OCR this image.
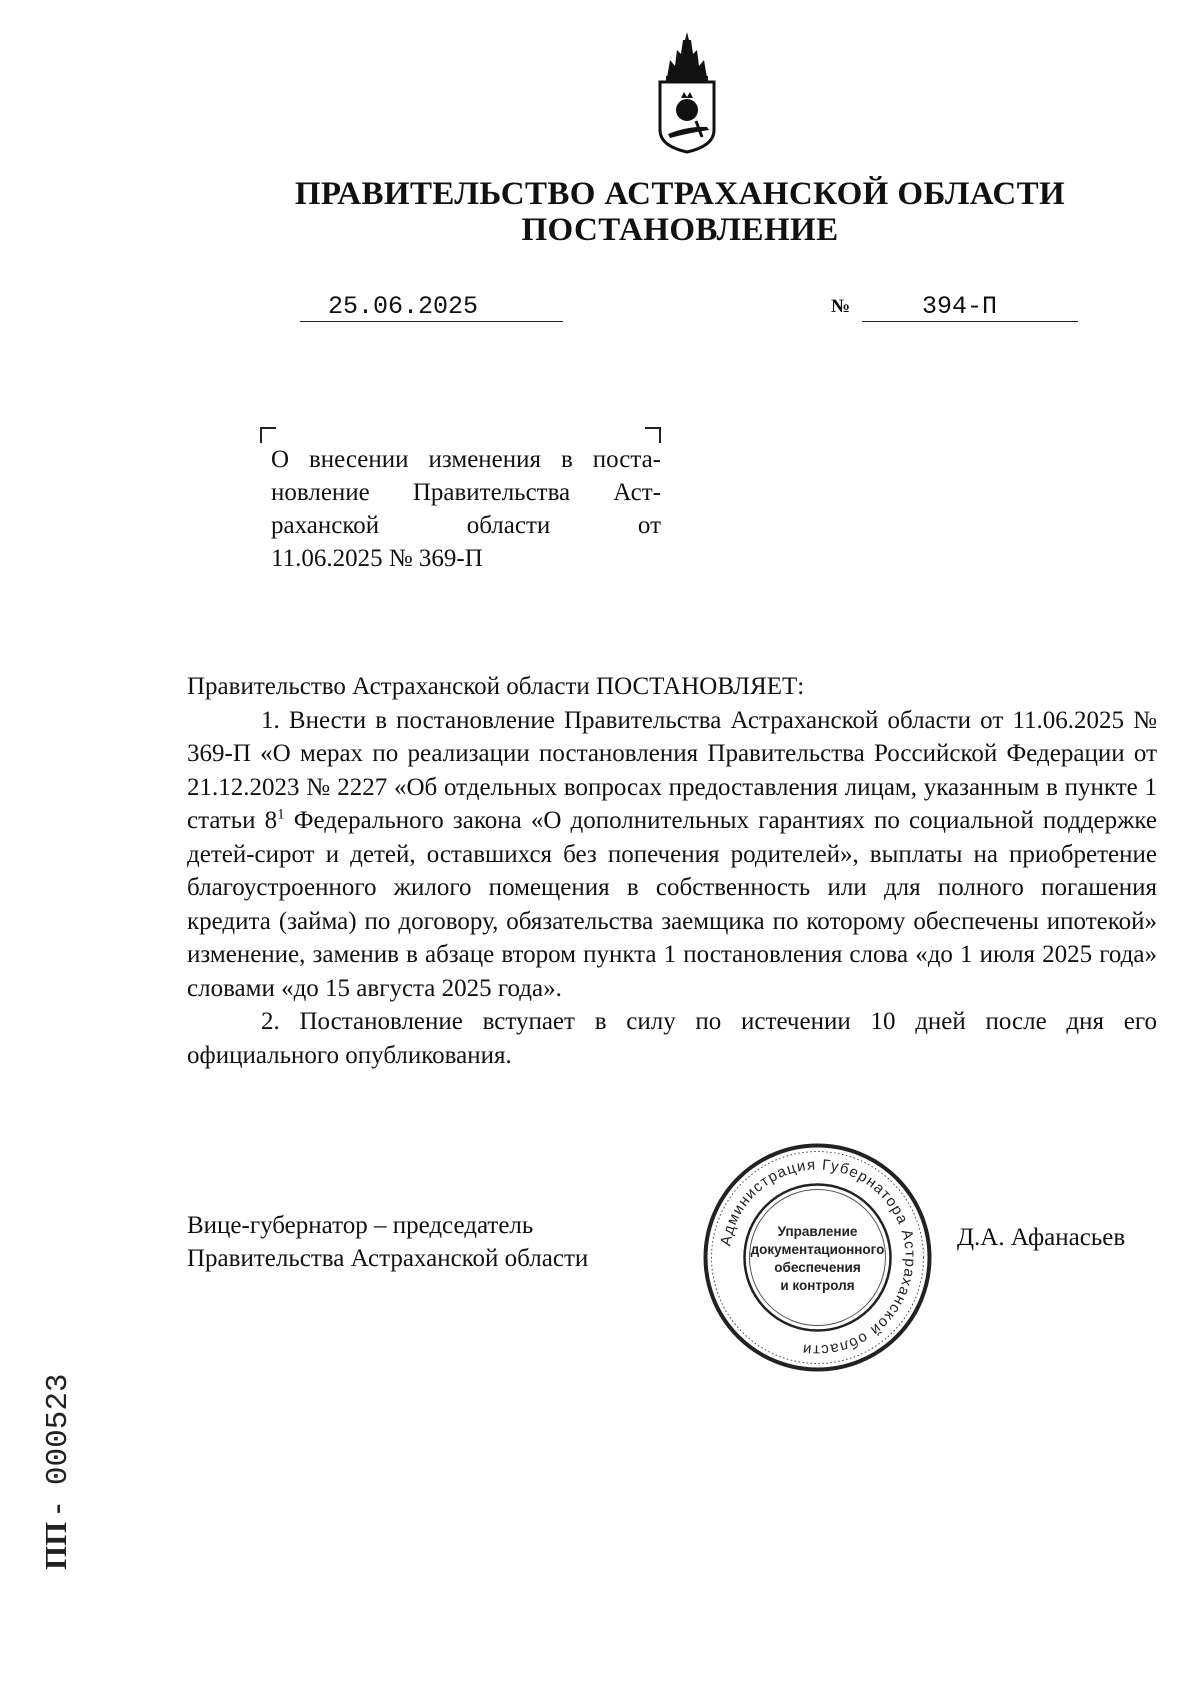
ПРАВИТЕЛЬСТВО АСТРАХАНСКОЙ ОБЛАСТИ
ПОСТАНОВЛЕНИЕ
25.06.2025	№	394-П
О внесении изменения в поста-
новление Правительства Аст-
раханской области от
11.06.2025 № 369-П

Правительство Астраханской области ПОСТАНОВЛЯЕТ:

1. Внести в постановление Правительства Астраханской области от 11.06.2025 № 369-П «О мерах по реализации постановления Правительства Российской Федерации от 21.12.2023 № 2227 «Об отдельных вопросах предоставления лицам, указанным в пункте 1 статьи $8^1$ Федерального закона «О дополнительных гарантиях по социальной поддержке детей-сирот и детей, оставшихся без попечения родителей», выплаты на приобретение благоустроенного жилого помещения в собственность или для полного погашения кредита (займа) по договору, обязательства заемщика по которому обеспечены ипотекой» изменение, заменив в абзаце втором пункта 1 постановления слова «до 1 июля 2025 года» словами «до 15 августа 2025 года».

2. Постановление вступает в силу по истечении 10 дней после дня его официального опубликования.

Вице-губернатор – председатель
Правительства Астраханской области
Администрация Губернатора Астраханской области
Управление
документационного
обеспечения
и контроля
Д.А. Афанасьев
ПП - 000523
